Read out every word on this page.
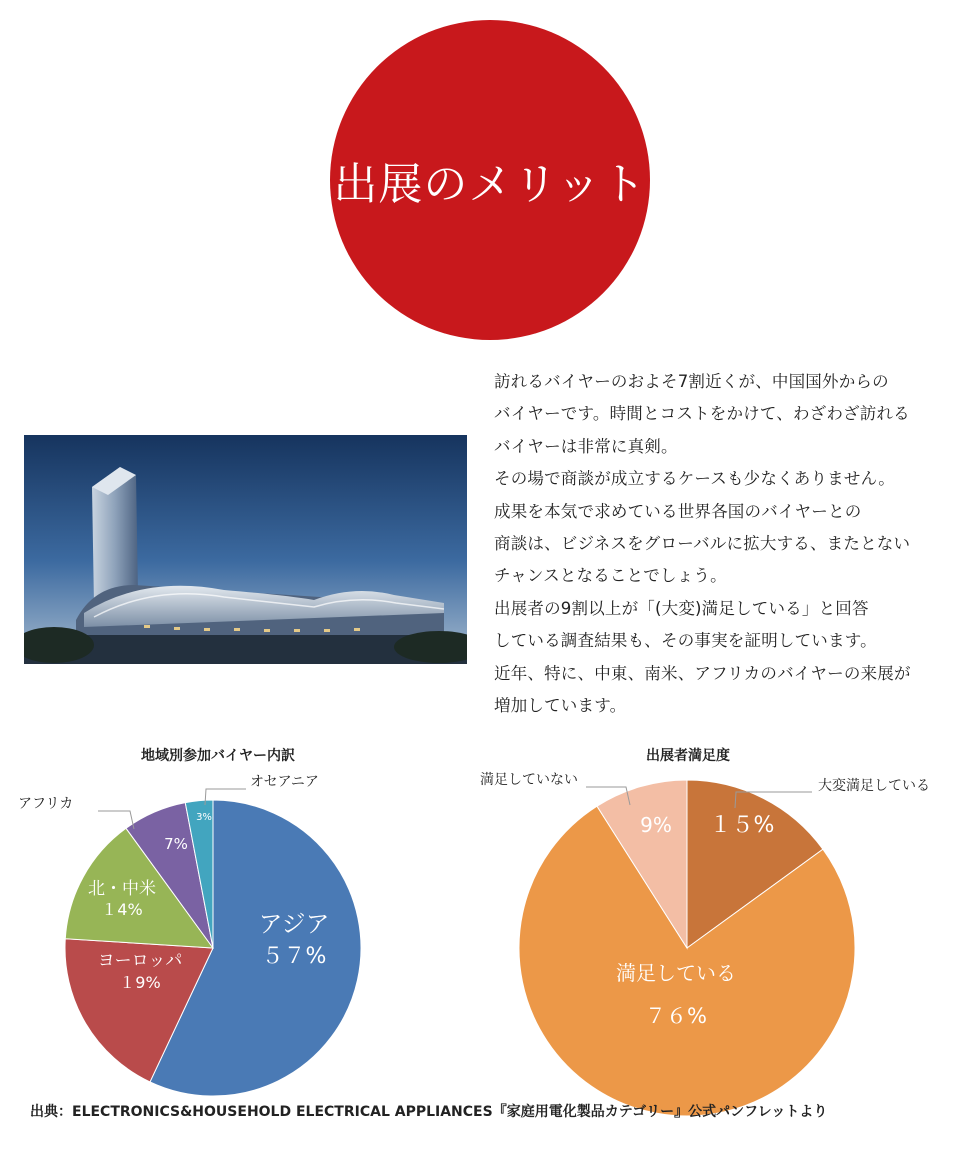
出展のメリット

訪れるバイヤーのおよそ7割近くが、中国国外からの
バイヤーです。時間とコストをかけて、わざわざ訪れる
バイヤーは非常に真剣。
その場で商談が成立するケースも少なくありません。
成果を本気で求めている世界各国のバイヤーとの
商談は、ビジネスをグローバルに拡大する、またとない
チャンスとなることでしょう。
出展者の9割以上が「(大変)満足している」と回答
している調査結果も、その事実を証明しています。
近年、特に、中東、南米、アフリカのバイヤーの来展が
増加しています。

地域別参加バイヤー内訳
アジア
５７%
ヨーロッパ
１9%
北・中米
１4%
7%
アフリカ
3%
オセアニア
出展者満足度
１５%
大変満足している
満足している
７６%
9%
満足していない
出典：ELECTRONICS&HOUSEHOLD ELECTRICAL APPLIANCES『家庭用電化製品カテゴリー』公式パンフレットより
